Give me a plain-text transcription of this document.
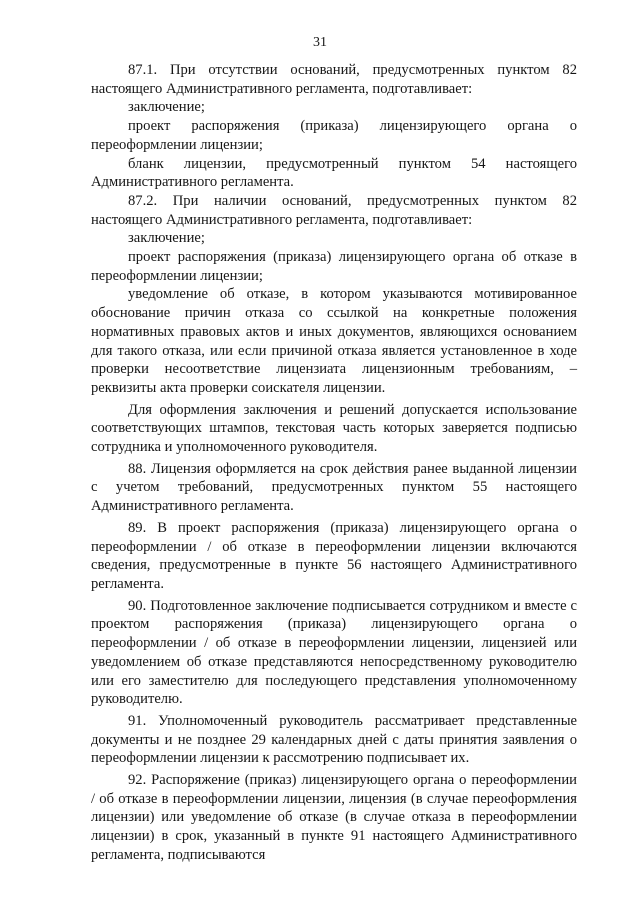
31

87.1. При отсутствии оснований, предусмотренных пунктом 82 настоящего Административного регламента, подготавливает:

заключение;

проект распоряжения (приказа) лицензирующего органа о переоформлении лицензии;

бланк лицензии, предусмотренный пунктом 54 настоящего Административного регламента.

87.2. При наличии оснований, предусмотренных пунктом 82 настоящего Административного регламента, подготавливает:

заключение;

проект распоряжения (приказа) лицензирующего органа об отказе в переоформлении лицензии;

уведомление об отказе, в котором указываются мотивированное обоснование причин отказа со ссылкой на конкретные положения нормативных правовых актов и иных документов, являющихся основанием для такого отказа, или если причиной отказа является установленное в ходе проверки несоответствие лицензиата лицензионным требованиям, – реквизиты акта проверки соискателя лицензии.

Для оформления заключения и решений допускается использование соответствующих штампов, текстовая часть которых заверяется подписью сотрудника и уполномоченного руководителя.

88. Лицензия оформляется на срок действия ранее выданной лицензии с учетом требований, предусмотренных пунктом 55 настоящего Административного регламента.

89. В проект распоряжения (приказа) лицензирующего органа о переоформлении / об отказе в переоформлении лицензии включаются сведения, предусмотренные в пункте 56 настоящего Административного регламента.

90. Подготовленное заключение подписывается сотрудником и вместе с проектом распоряжения (приказа) лицензирующего органа о переоформлении / об отказе в переоформлении лицензии, лицензией или уведомлением об отказе представляются непосредственному руководителю или его заместителю для последующего представления уполномоченному руководителю.

91. Уполномоченный руководитель рассматривает представленные документы и не позднее 29 календарных дней с даты принятия заявления о переоформлении лицензии к рассмотрению подписывает их.

92. Распоряжение (приказ) лицензирующего органа о переоформлении / об отказе в переоформлении лицензии, лицензия (в случае переоформления лицензии) или уведомление об отказе (в случае отказа в переоформлении лицензии) в срок, указанный в пункте 91 настоящего Административного регламента, подписываются
